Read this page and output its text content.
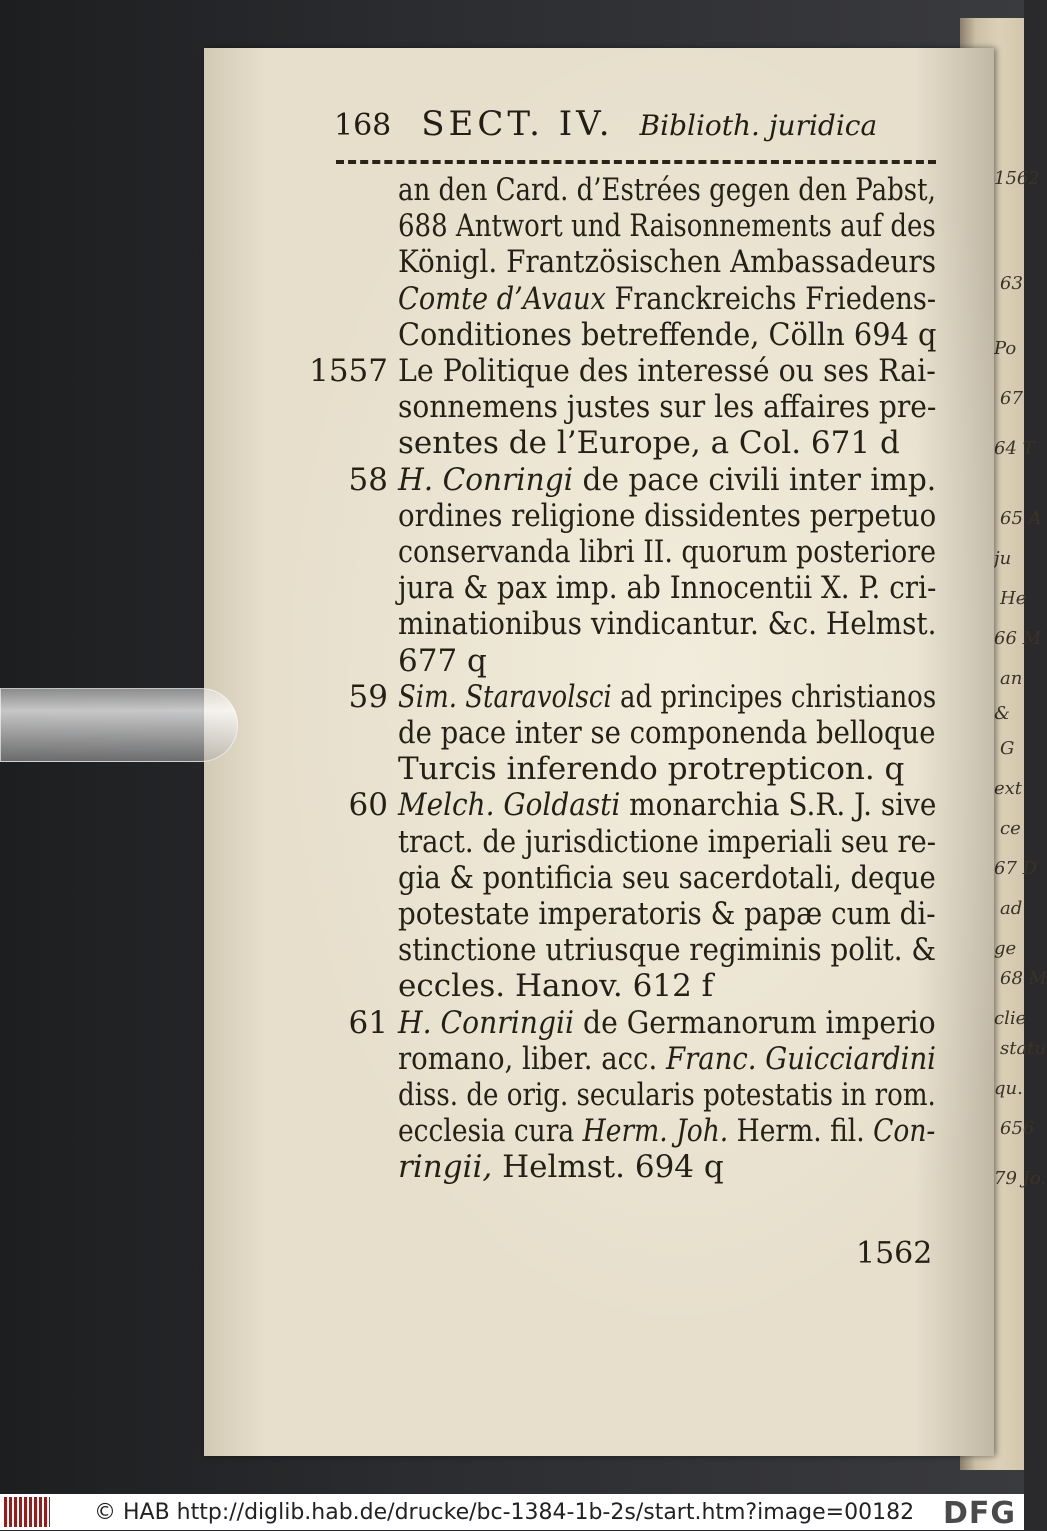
1562
63
Po
67
64 T
65 A
ju
He
66 M
an
&
G
ext
ce
67 D
ad
ge
68 M
clie
statu
qu.
656
79 Jo.
168 SECT. IV. Biblioth. juridica
an den Card. d’Estrées gegen den Pabst,
688 Antwort und Raisonnements auf des
Königl. Frantzösischen Ambassadeurs
Comte d’Avaux Franckreichs Friedens-
Conditiones betreffende, Cölln 694 q
1557 Le Politique des interessé ou ses Rai-
sonnemens justes sur les affaires pre-
sentes de l’Europe, a Col. 671 d
58 H. Conringi de pace civili inter imp.
ordines religione dissidentes perpetuo
conservanda libri II. quorum posteriore
jura & pax imp. ab Innocentii X. P. cri-
minationibus vindicantur. &c. Helmst.
677 q
59 Sim. Staravolsci ad principes christianos
de pace inter se componenda belloque
Turcis inferendo protrepticon. q
60 Melch. Goldasti monarchia S.R. J. sive
tract. de jurisdictione imperiali seu re-
gia & pontificia seu sacerdotali, deque
potestate imperatoris & papæ cum di-
stinctione utriusque regiminis polit. &
eccles. Hanov. 612 f
61 H. Conringii de Germanorum imperio
romano, liber. acc. Franc. Guicciardini
diss. de orig. secularis potestatis in rom.
ecclesia cura Herm. Joh. Herm. fil. Con-
ringii, Helmst. 694 q
1562
© HAB http://diglib.hab.de/drucke/bc-1384-1b-2s/start.htm?image=00182 DFG
